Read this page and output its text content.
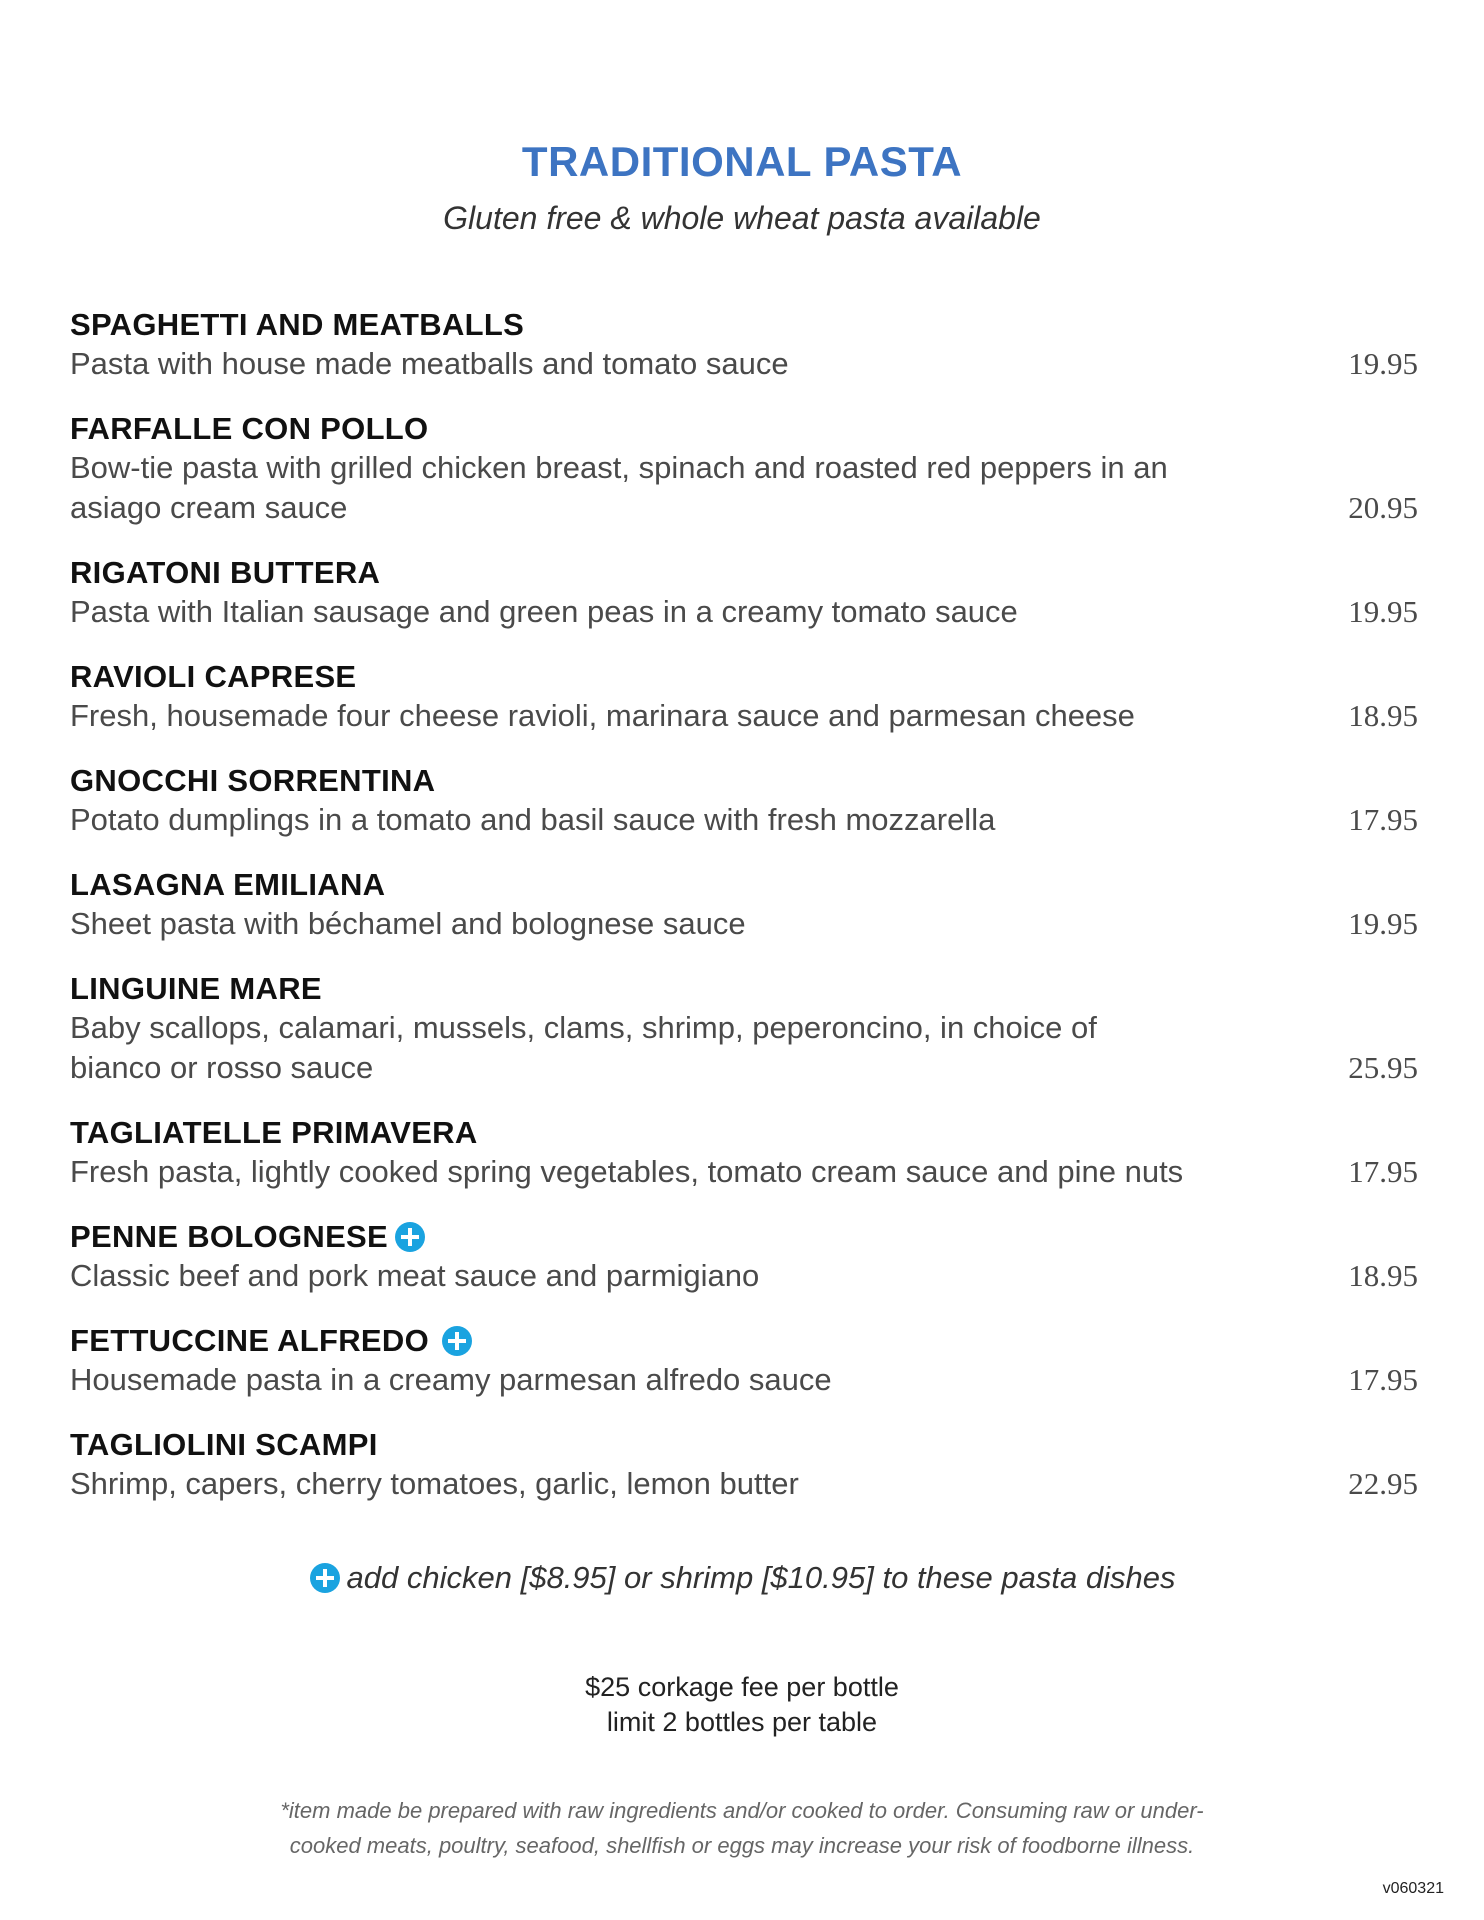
TRADITIONAL PASTA
Gluten free & whole wheat pasta available
SPAGHETTI AND MEATBALLS
Pasta with house made meatballs and tomato sauce	19.95
FARFALLE CON POLLO
Bow-tie pasta with grilled chicken breast, spinach and roasted red peppers in an asiago cream sauce	20.95
RIGATONI BUTTERA
Pasta with Italian sausage and green peas in a creamy tomato sauce	19.95
RAVIOLI CAPRESE
Fresh, housemade four cheese ravioli, marinara sauce and parmesan cheese	18.95
GNOCCHI SORRENTINA
Potato dumplings in a tomato and basil sauce with fresh mozzarella	17.95
LASAGNA EMILIANA
Sheet pasta with béchamel and bolognese sauce	19.95
LINGUINE MARE
Baby scallops, calamari, mussels, clams, shrimp, peperoncino, in choice of bianco or rosso sauce	25.95
TAGLIATELLE PRIMAVERA
Fresh pasta, lightly cooked spring vegetables, tomato cream sauce and pine nuts	17.95
PENNE BOLOGNESE
Classic beef and pork meat sauce and parmigiano	18.95
FETTUCCINE ALFREDO
Housemade pasta in a creamy parmesan alfredo sauce	17.95
TAGLIOLINI SCAMPI
Shrimp, capers, cherry tomatoes, garlic, lemon butter	22.95
add chicken [$8.95] or shrimp [$10.95] to these pasta dishes
$25 corkage fee per bottle
limit 2 bottles per table
*item made be prepared with raw ingredients and/or cooked to order. Consuming raw or under-
cooked meats, poultry, seafood, shellfish or eggs may increase your risk of foodborne illness.
v060321
